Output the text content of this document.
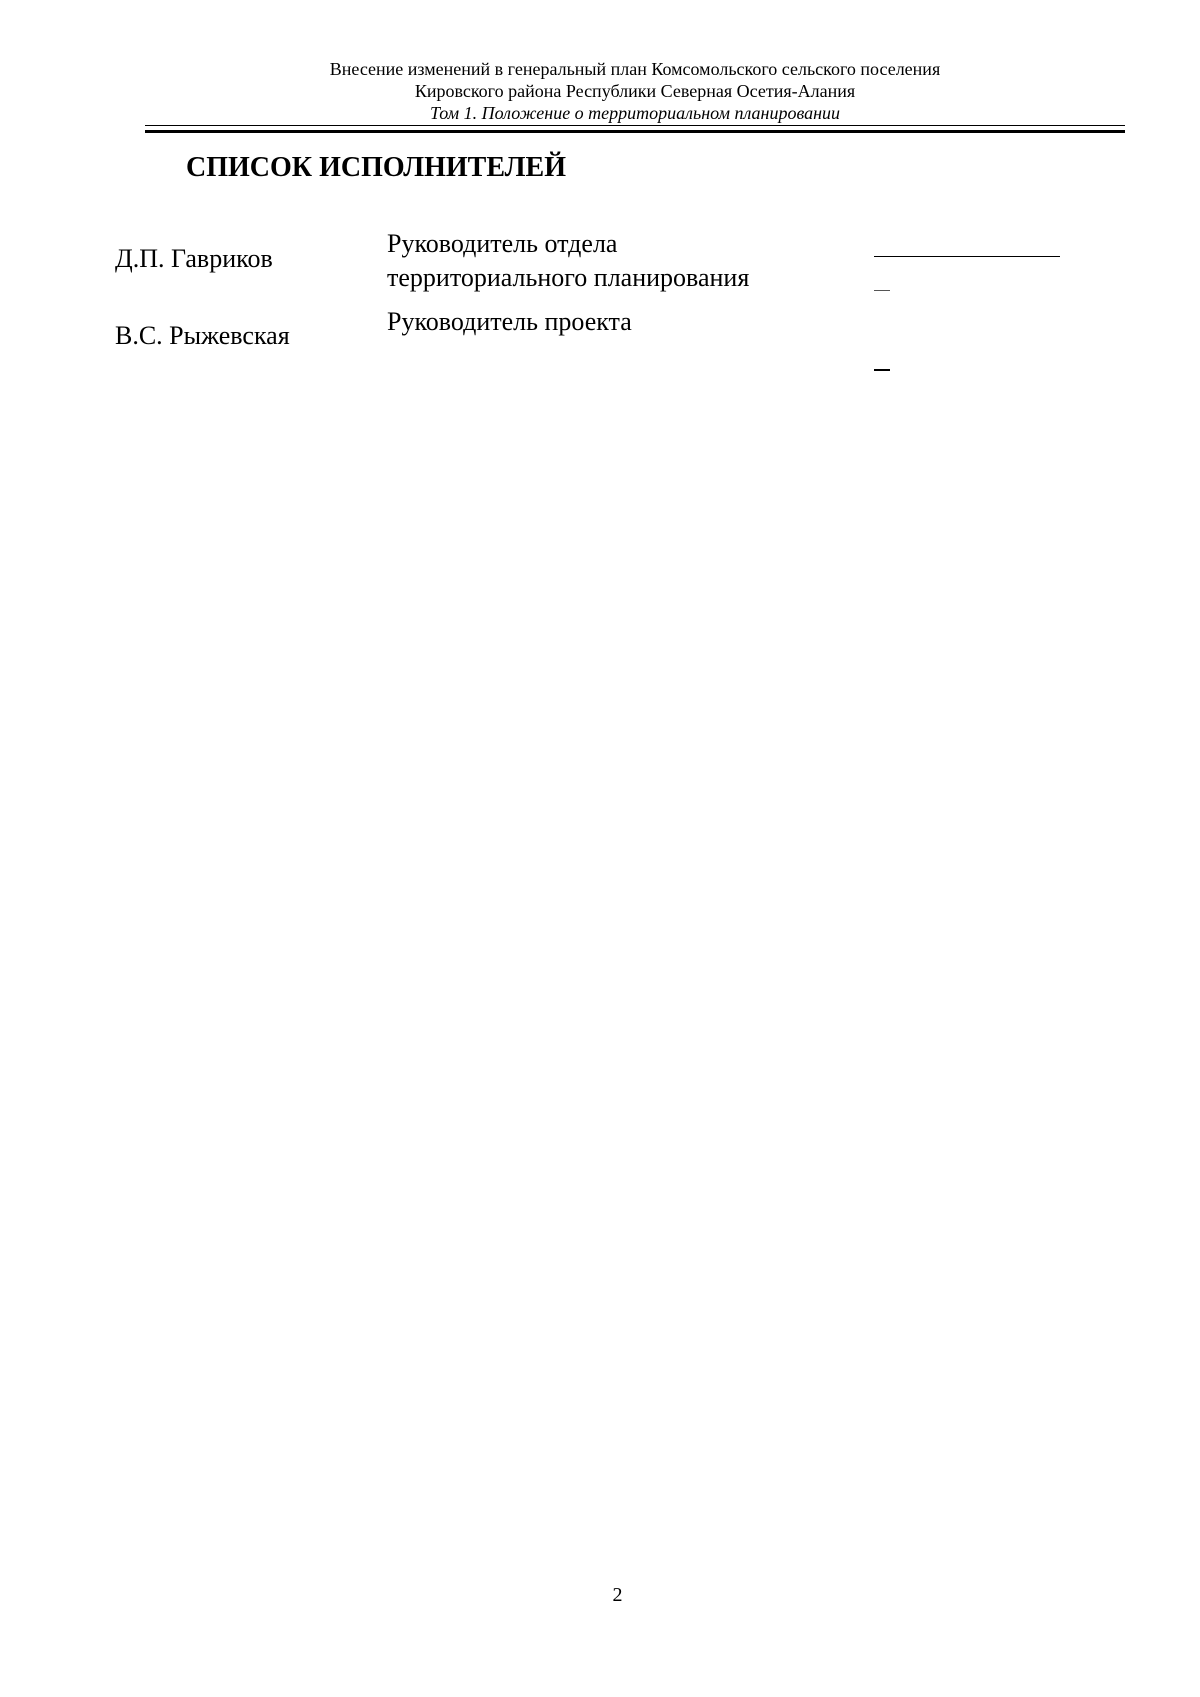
Внесение изменений в генеральный план Комсомольского сельского поселения
Кировского района Республики Северная Осетия-Алания
Том 1. Положение о территориальном планировании
СПИСОК ИСПОЛНИТЕЛЕЙ
Д.П. Гавриков
Руководитель отдела
территориального планирования
В.С. Рыжевская	Руководитель проекта
2
